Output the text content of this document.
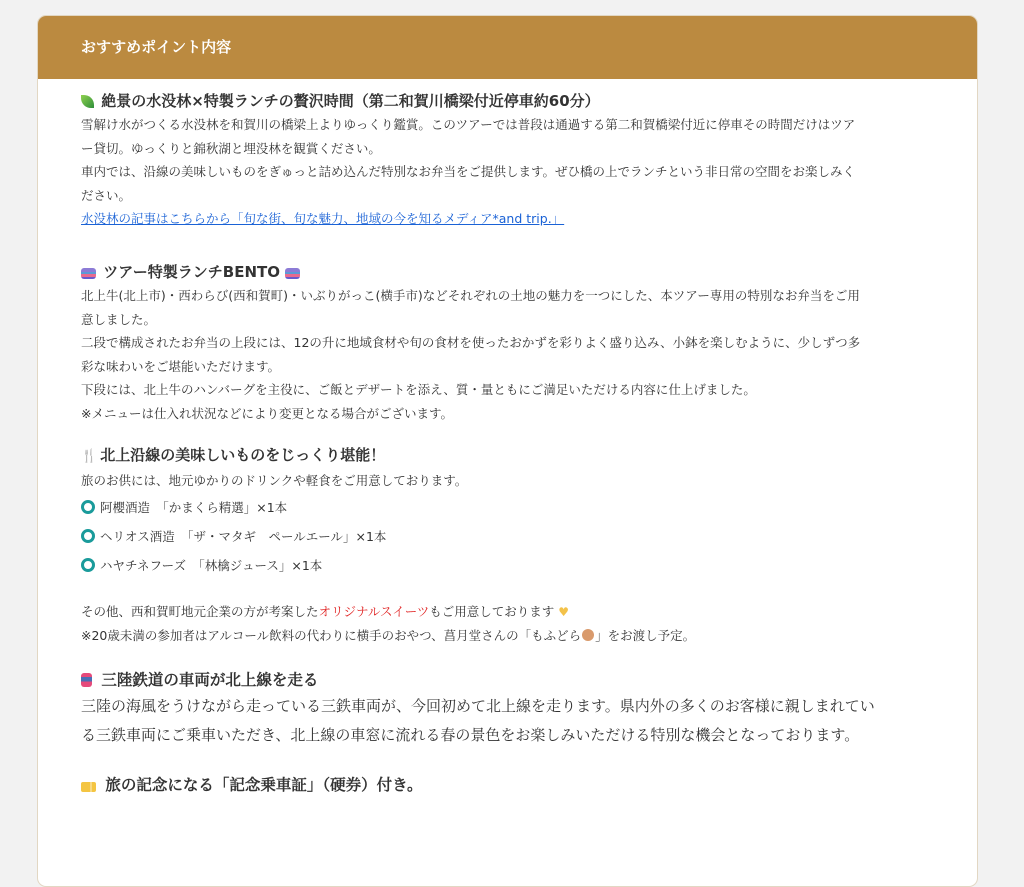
おすすめポイント内容
絶景の水没林×特製ランチの贅沢時間（第二和賀川橋梁付近停車約60分）

雪解け水がつくる水没林を和賀川の橋梁上よりゆっくり鑑賞。このツアーでは普段は通過する第二和賀橋梁付近に停車その時間だけはツア

ー貸切。ゆっくりと錦秋湖と埋没林を観賞ください。

車内では、沿線の美味しいものをぎゅっと詰め込んだ特別なお弁当をご提供します。ぜひ橋の上でランチという非日常の空間をお楽しみく

ださい。

水没林の記事はこちらから「旬な街、旬な魅力、地域の今を知るメディア*and trip.」
ツアー特製ランチBENTO

北上牛(北上市)・西わらび(西和賀町)・いぶりがっこ(横手市)などそれぞれの土地の魅力を一つにした、本ツアー専用の特別なお弁当をご用

意しました。

二段で構成されたお弁当の上段には、12の升に地域食材や旬の食材を使ったおかずを彩りよく盛り込み、小鉢を楽しむように、少しずつ多

彩な味わいをご堪能いただけます。

下段には、北上牛のハンバーグを主役に、ご飯とデザートを添え、質・量ともにご満足いただける内容に仕上げました。

※メニューは仕入れ状況などにより変更となる場合がございます。

🍴 北上沿線の美味しいものをじっくり堪能！

旅のお供には、地元ゆかりのドリンクや軽食をご用意しております。

阿櫻酒造　「かまくら精選」×1本
ヘリオス酒造　「ザ・マタギ　ペールエール」×1本
ハヤチネフーズ　「林檎ジュース」×1本

その他、西和賀町地元企業の方が考案したオリジナルスイーツもご用意しております ♥

※20歳未満の参加者はアルコール飲料の代わりに横手のおやつ、菖月堂さんの「もふどら 」をお渡し予定。

三陸鉄道の車両が北上線を走る

三陸の海風をうけながら走っている三鉄車両が、今回初めて北上線を走ります。県内外の多くのお客様に親しまれてい

る三鉄車両にご乗車いただき、北上線の車窓に流れる春の景色をお楽しみいただける特別な機会となっております。

旅の記念になる「記念乗車証」（硬券）付き。
